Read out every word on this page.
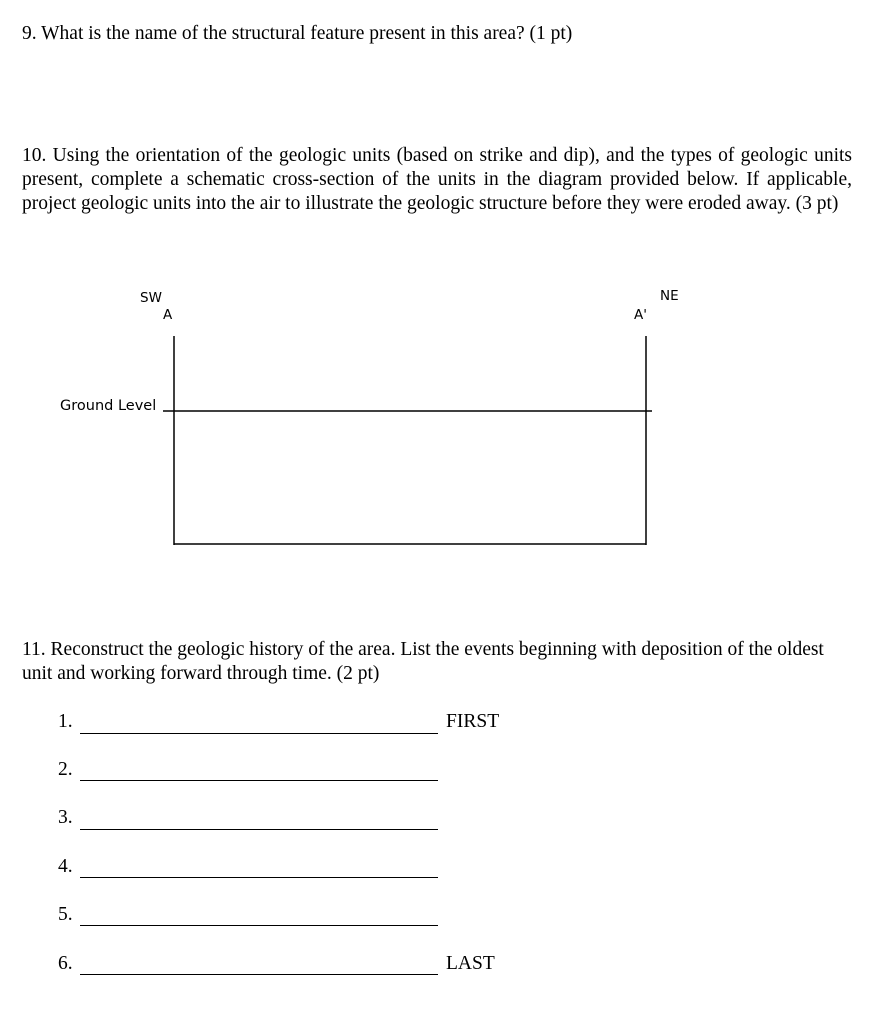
9. What is the name of the structural feature present in this area? (1 pt)

10. Using the orientation of the geologic units (based on strike and dip), and the types of geologic units present, complete a schematic cross-section of the units in the diagram provided below. If applicable, project geologic units into the air to illustrate the geologic structure before they were eroded away. (3 pt)

SW
A
NE
A'
Ground Level

11. Reconstruct the geologic history of the area. List the events beginning with deposition of the oldest unit and working forward through time. (2 pt)

1.	FIRST
2.
3.
4.
5.
6.	LAST
